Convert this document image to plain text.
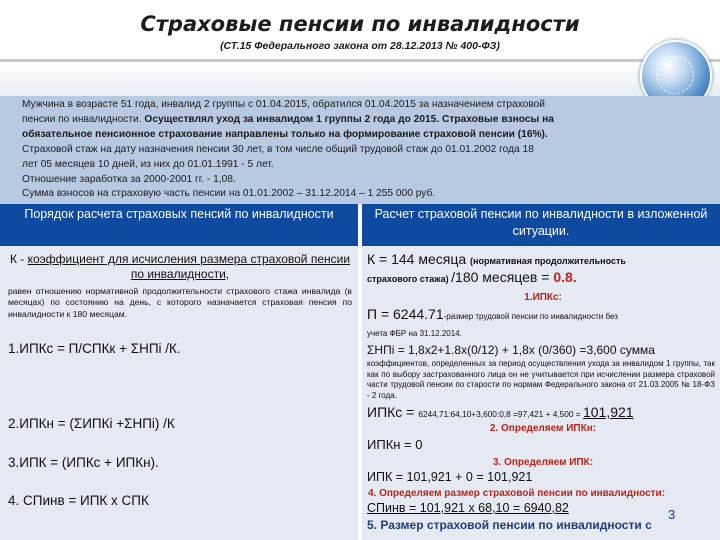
Страховые пенсии по инвалидности
(СТ.15 Федерального закона от 28.12.2013 № 400-ФЗ)
Мужчина в возрасте 51 года, инвалид 2 группы с 01.04.2015, обратился 01.04.2015 за назначением страховой
пенсии по инвалидности. Осуществлял уход за инвалидом 1 группы 2 года до 2015. Страховые взносы на
обязательное пенсионное страхование направлены только на формирование страховой пенсии (16%).
Страховой стаж на дату назначения пенсии 30 лет, в том числе общий трудовой стаж до 01.01.2002 года 18
лет 05 месяцев 10 дней, из них до 01.01.1991 - 5 лет.
Отношение заработка за 2000-2001 гг. - 1,08.
Сумма взносов на страховую часть пенсии на 01.01.2002 – 31.12.2014 – 1 255 000 руб.
Порядок расчета страховых пенсий по инвалидности	Расчет страховой пенсии по инвалидности в изложенной ситуации.
К - коэффициент для исчисления размера страховой пенсии по инвалидности,
равен отношению нормативной продолжительности страхового стажа инвалида (в месяцах) по состоянию на день, с которого назначается страховая пенсия по инвалидности к 180 месяцам.
1.ИПКс = П/СПКк + ΣНПi /К.
2.ИПКн = (ΣИПКi +ΣНПi) /К
3.ИПК = (ИПКс + ИПКн).
4. СПинв = ИПК х СПК
К = 144 месяца (нормативная продолжительность
страхового стажа) /180 месяцев = 0.8.
1.ИПКс:
П = 6244.71-размер трудовой пенсии по инвалидности без
учета ФБР на 31.12.2014.
ΣНПi = 1,8х2+1.8х(0/12) + 1,8х (0/360) =3,600 сумма
коэффициентов, определенных за период осуществления ухода за инвалидом 1 группы, так как по выбору застрахованного лица он не учитывается при исчислении размера страховой части трудовой пенсии по старости по нормам Федерального закона от 21.03.2005 № 18-ФЗ - 2 года.
ИПКс = 6244,71:64,10+3,600:0,8 =97,421 + 4,500 = 101,921
2. Определяем ИПКн:
ИПКн = 0
3. Определяем ИПК:
ИПК = 101,921 + 0 = 101,921
4. Определяем размер страховой пенсии по инвалидности:
СПинв = 101,921 х 68,10 = 6940,82	3
5. Размер страховой пенсии по инвалидности с
